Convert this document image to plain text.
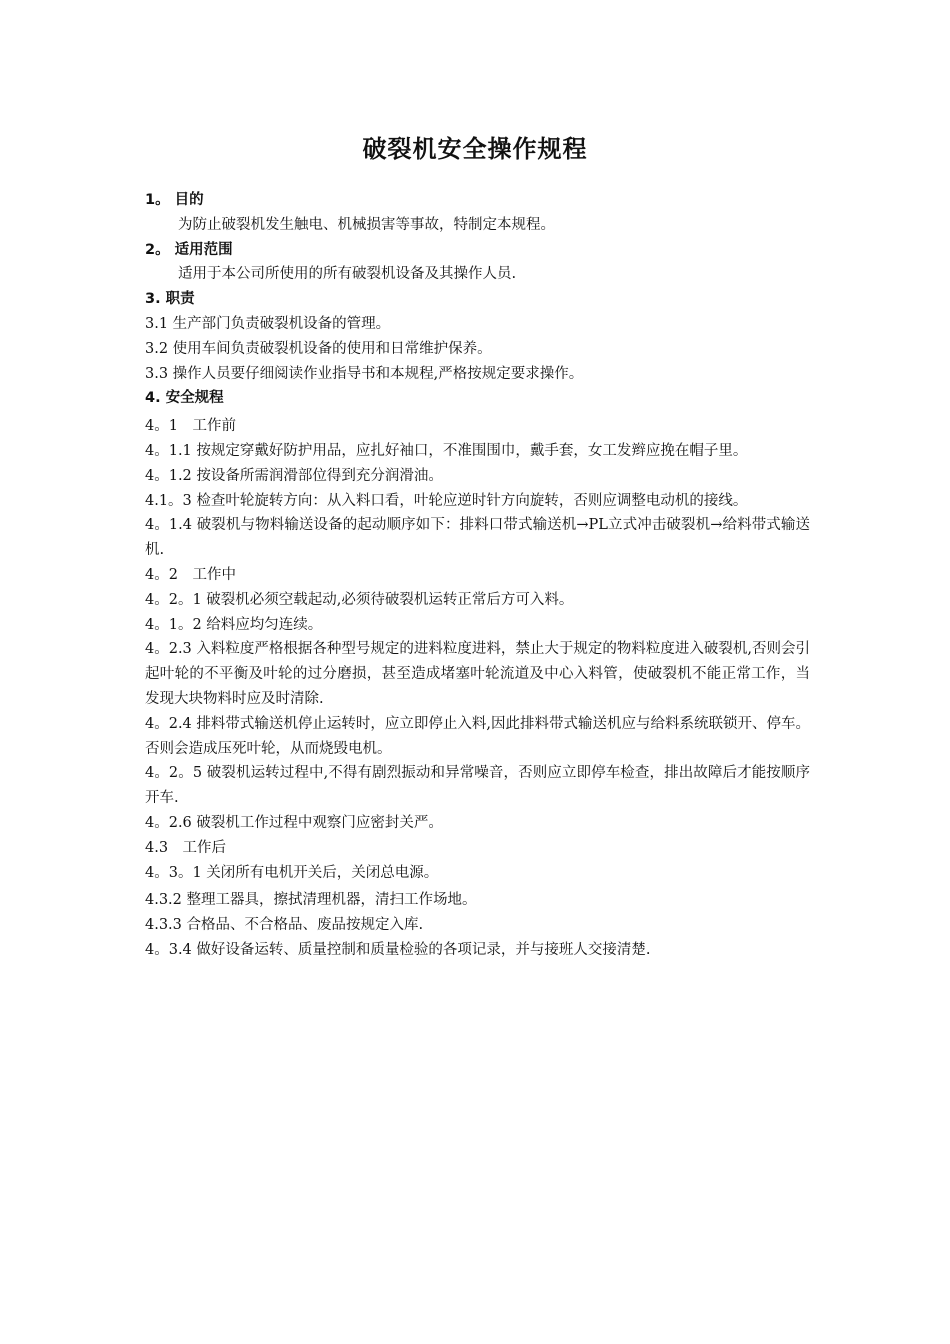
破裂机安全操作规程

1。 目的

为防止破裂机发生触电、机械损害等事故，特制定本规程。

2。 适用范围

适用于本公司所使用的所有破裂机设备及其操作人员.

3. 职责

3.1 生产部门负责破裂机设备的管理。

3.2 使用车间负责破裂机设备的使用和日常维护保养。

3.3 操作人员要仔细阅读作业指导书和本规程,严格按规定要求操作。

4. 安全规程

4。1　工作前

4。1.1 按规定穿戴好防护用品，应扎好袖口，不准围围巾，戴手套，女工发辫应挽在帽子里。

4。1.2 按设备所需润滑部位得到充分润滑油。

4.1。3 检查叶轮旋转方向：从入料口看，叶轮应逆时针方向旋转，否则应调整电动机的接线。

4。1.4 破裂机与物料输送设备的起动顺序如下：排料口带式输送机→PL立式冲击破裂机→给料带式输送机.

4。2　工作中

4。2。1 破裂机必须空载起动,必须待破裂机运转正常后方可入料。

4。1。2 给料应均匀连续。

4。2.3 入料粒度严格根据各种型号规定的进料粒度进料，禁止大于规定的物料粒度进入破裂机,否则会引起叶轮的不平衡及叶轮的过分磨损，甚至造成堵塞叶轮流道及中心入料管，使破裂机不能正常工作，当发现大块物料时应及时清除.

4。2.4 排料带式输送机停止运转时，应立即停止入料,因此排料带式输送机应与给料系统联锁开、停车。否则会造成压死叶轮，从而烧毁电机。

4。2。5 破裂机运转过程中,不得有剧烈振动和异常噪音，否则应立即停车检查，排出故障后才能按顺序开车.

4。2.6 破裂机工作过程中观察门应密封关严。

4.3　工作后

4。3。1 关闭所有电机开关后，关闭总电源。

4.3.2 整理工器具，擦拭清理机器，清扫工作场地。

4.3.3 合格品、不合格品、废品按规定入库.

4。3.4 做好设备运转、质量控制和质量检验的各项记录，并与接班人交接清楚.
